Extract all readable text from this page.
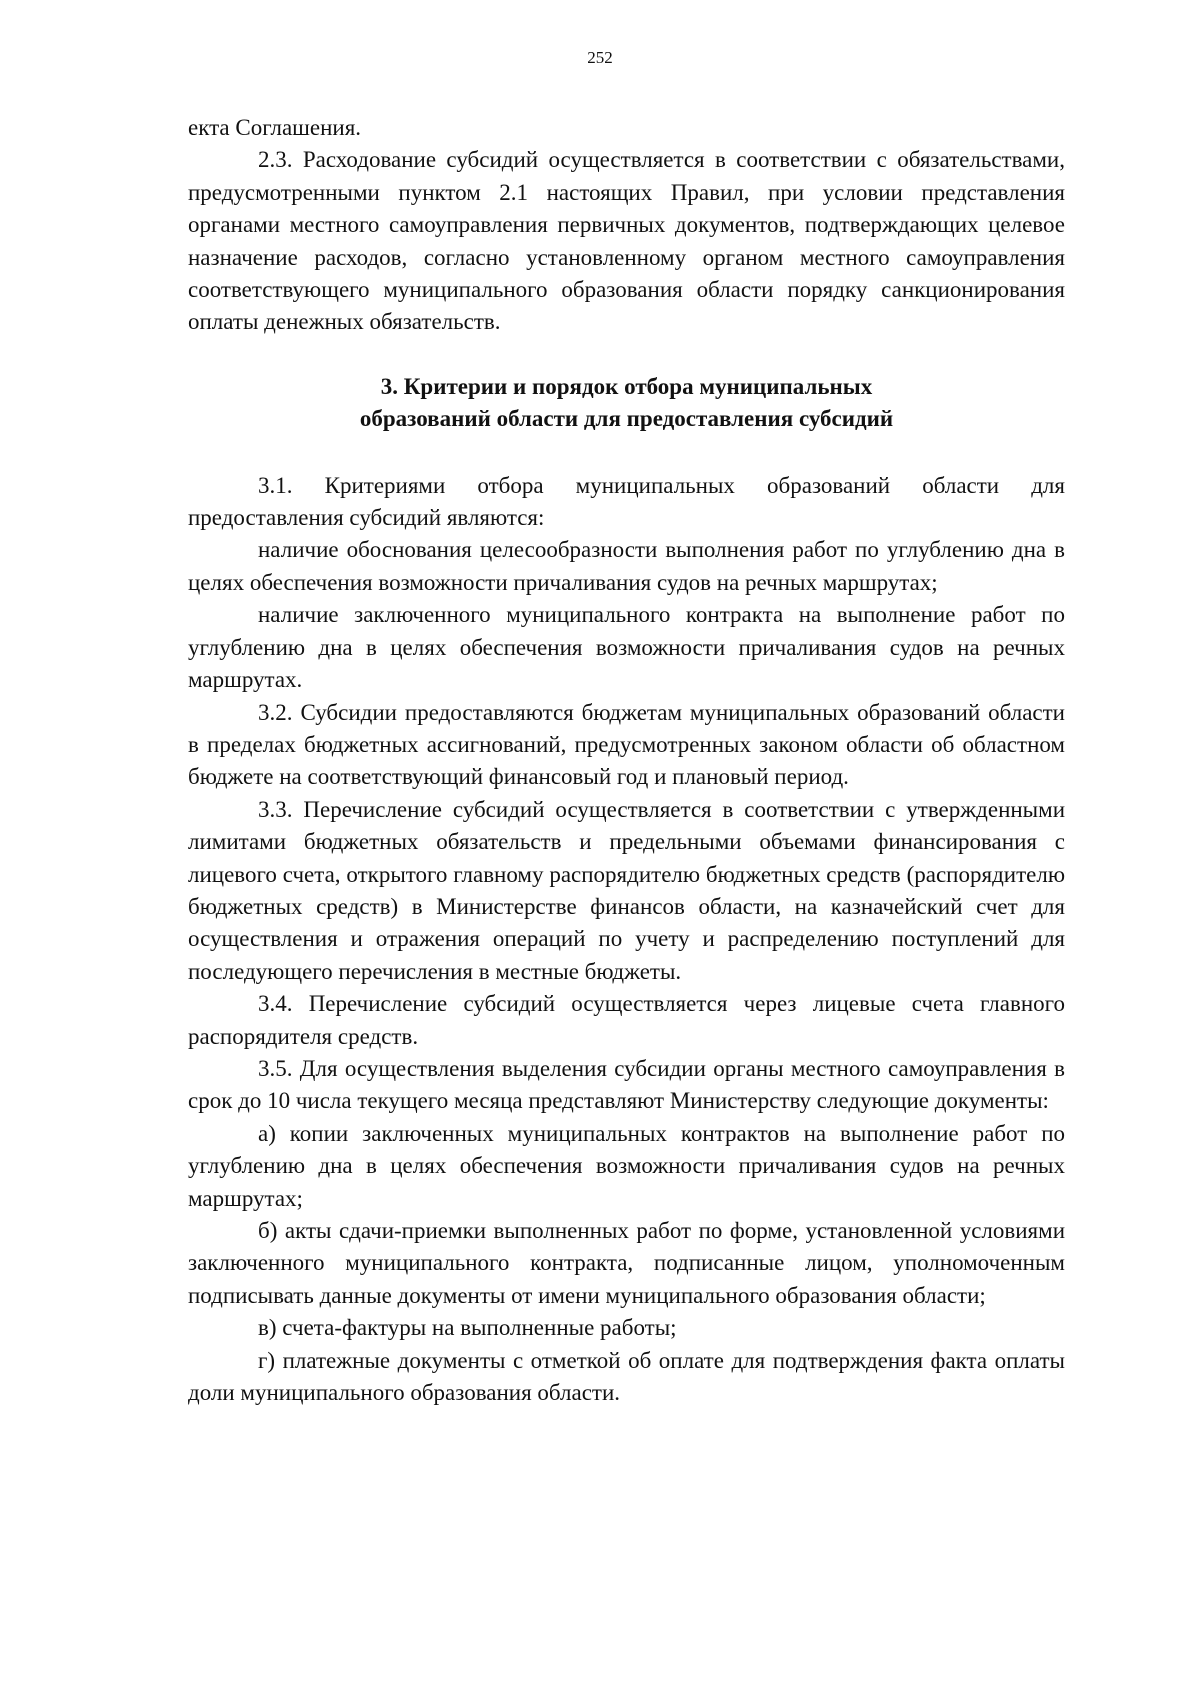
252

екта Соглашения.

2.3. Расходование субсидий осуществляется в соответствии с обязательствами, предусмотренными пунктом 2.1 настоящих Правил, при условии представления органами местного самоуправления первичных документов, подтверждающих целевое назначение расходов, согласно установленному органом местного самоуправления соответствующего муниципального образования области порядку санкционирования оплаты денежных обязательств.

3. Критерии и порядок отбора муниципальных
образований области для предоставления субсидий

3.1. Критериями отбора муниципальных образований области для предоставления субсидий являются:

наличие обоснования целесообразности выполнения работ по углублению дна в целях обеспечения возможности причаливания судов на речных маршрутах;

наличие заключенного муниципального контракта на выполнение работ по углублению дна в целях обеспечения возможности причаливания судов на речных маршрутах.

3.2. Субсидии предоставляются бюджетам муниципальных образований области в пределах бюджетных ассигнований, предусмотренных законом области об областном бюджете на соответствующий финансовый год и плановый период.

3.3. Перечисление субсидий осуществляется в соответствии с утвержденными лимитами бюджетных обязательств и предельными объемами финансирования с лицевого счета, открытого главному распорядителю бюджетных средств (распорядителю бюджетных средств) в Министерстве финансов области, на казначейский счет для осуществления и отражения операций по учету и распределению поступлений для последующего перечисления в местные бюджеты.

3.4. Перечисление субсидий осуществляется через лицевые счета главного распорядителя средств.

3.5. Для осуществления выделения субсидии органы местного самоуправления в срок до 10 числа текущего месяца представляют Министерству следующие документы:

а) копии заключенных муниципальных контрактов на выполнение работ по углублению дна в целях обеспечения возможности причаливания судов на речных маршрутах;

б) акты сдачи-приемки выполненных работ по форме, установленной условиями заключенного муниципального контракта, подписанные лицом, уполномоченным подписывать данные документы от имени муниципального образования области;

в) счета-фактуры на выполненные работы;

г) платежные документы с отметкой об оплате для подтверждения факта оплаты доли муниципального образования области.
